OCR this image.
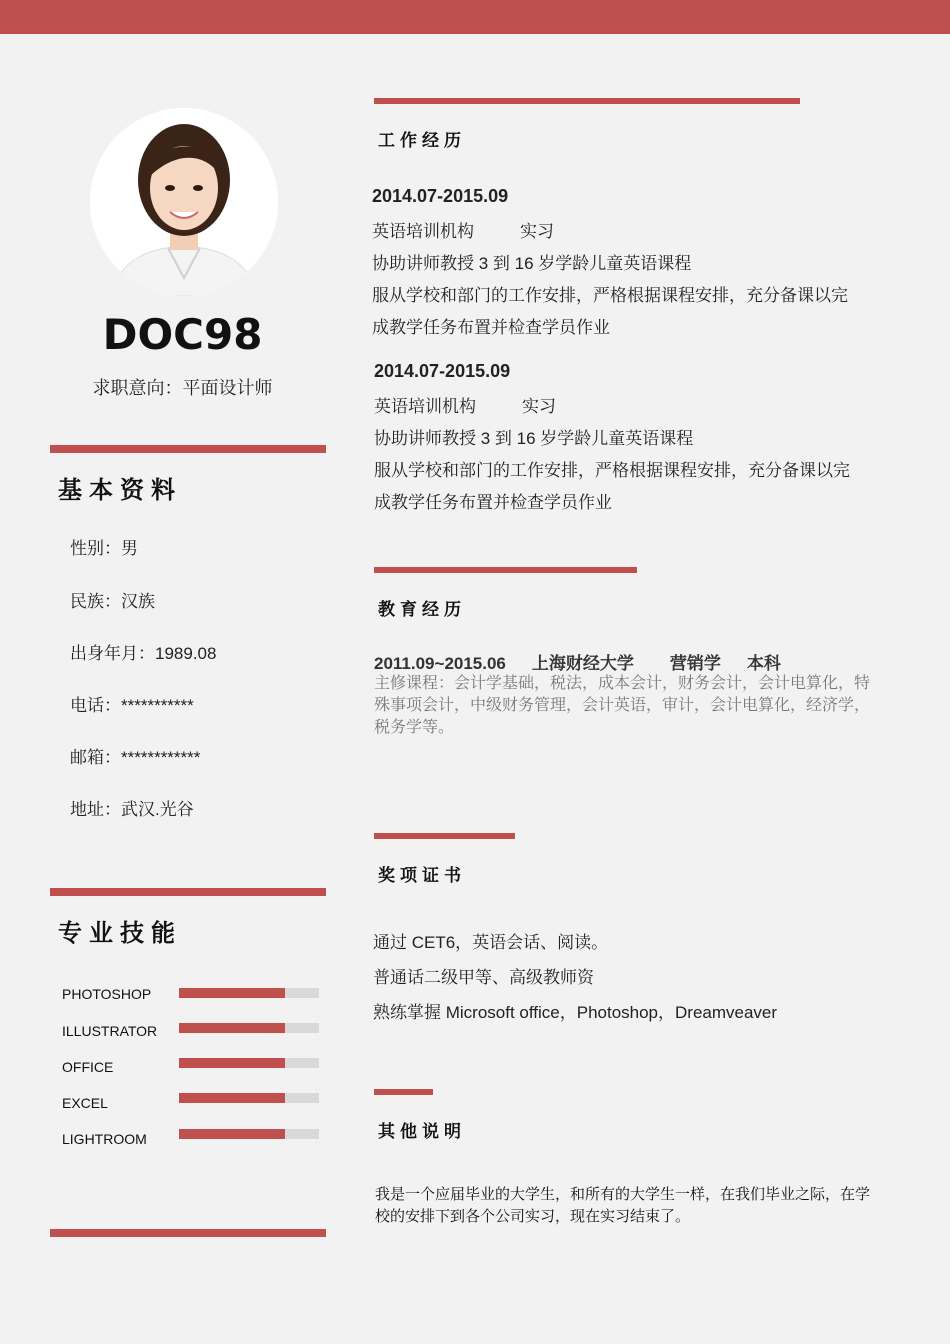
DOC98
求职意向：平面设计师
基本资料
性别：男
民族：汉族
出身年月：1989.08
电话：***********
邮箱：************
地址：武汉.光谷
专业技能
PHOTOSHOP
ILLUSTRATOR
OFFICE
EXCEL
LIGHTROOM
工作经历
2014.07-2015.09
英语培训机构	实习
协助讲师教授 3 到 16 岁学龄儿童英语课程
服从学校和部门的工作安排，严格根据课程安排，充分备课以完
成教学任务布置并检查学员作业
2014.07-2015.09
英语培训机构	实习
协助讲师教授 3 到 16 岁学龄儿童英语课程
服从学校和部门的工作安排，严格根据课程安排，充分备课以完
成教学任务布置并检查学员作业
教育经历
2011.09~2015.06 上海财经大学 营销学 本科
主修课程：会计学基础，税法，成本会计，财务会计，会计电算化，特殊事项会计，中级财务管理，会计英语，审计，会计电算化，经济学，税务学等。
奖项证书
通过 CET6，英语会话、阅读。
普通话二级甲等、高级教师资
熟练掌握 Microsoft office，Photoshop，Dreamveaver
其他说明
我是一个应届毕业的大学生，和所有的大学生一样，在我们毕业之际，在学校的安排下到各个公司实习，现在实习结束了。
